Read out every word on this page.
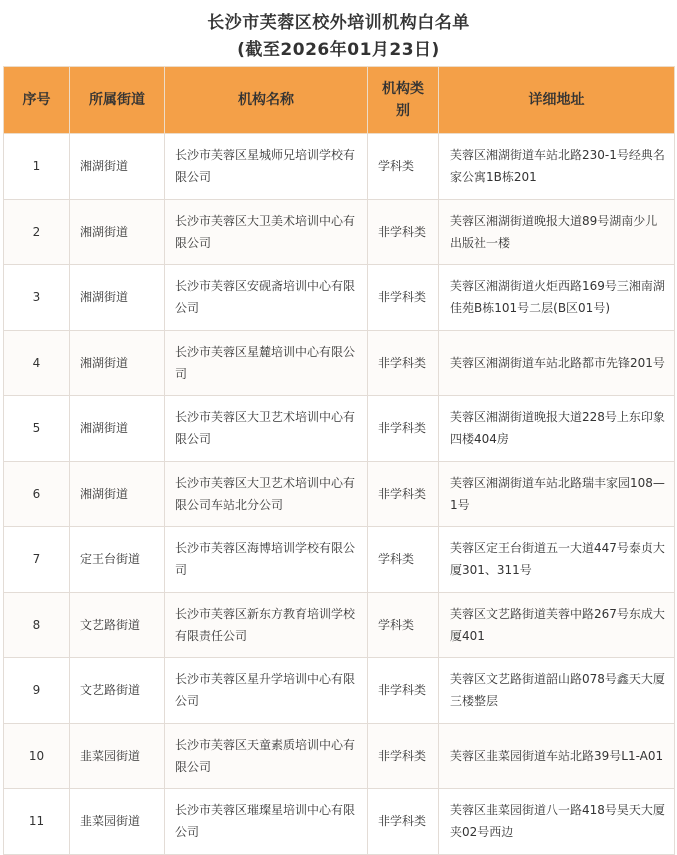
长沙市芙蓉区校外培训机构白名单
(截至2026年01月23日)
序号	所属街道	机构名称	机构类别	详细地址
1	湘湖街道	长沙市芙蓉区星城师兄培训学校有限公司	学科类	芙蓉区湘湖街道车站北路230-1号经典名家公寓1B栋201
2	湘湖街道	长沙市芙蓉区大卫美术培训中心有限公司	非学科类	芙蓉区湘湖街道晚报大道89号湖南少儿出版社一楼
3	湘湖街道	长沙市芙蓉区安砚斋培训中心有限公司	非学科类	芙蓉区湘湖街道火炬西路169号三湘南湖佳苑B栋101号二层(B区01号)
4	湘湖街道	长沙市芙蓉区星麓培训中心有限公司	非学科类	芙蓉区湘湖街道车站北路都市先锋201号
5	湘湖街道	长沙市芙蓉区大卫艺术培训中心有限公司	非学科类	芙蓉区湘湖街道晚报大道228号上东印象四楼404房
6	湘湖街道	长沙市芙蓉区大卫艺术培训中心有限公司车站北分公司	非学科类	芙蓉区湘湖街道车站北路瑞丰家园108—1号
7	定王台街道	长沙市芙蓉区海博培训学校有限公司	学科类	芙蓉区定王台街道五一大道447号泰贞大厦301、311号
8	文艺路街道	长沙市芙蓉区新东方教育培训学校有限责任公司	学科类	芙蓉区文艺路街道芙蓉中路267号东成大厦401
9	文艺路街道	长沙市芙蓉区星升学培训中心有限公司	非学科类	芙蓉区文艺路街道韶山路078号鑫天大厦三楼整层
10	韭菜园街道	长沙市芙蓉区天童素质培训中心有限公司	非学科类	芙蓉区韭菜园街道车站北路39号L1-A01
11	韭菜园街道	长沙市芙蓉区璀璨星培训中心有限公司	非学科类	芙蓉区韭菜园街道八一路418号昊天大厦夹02号西边
